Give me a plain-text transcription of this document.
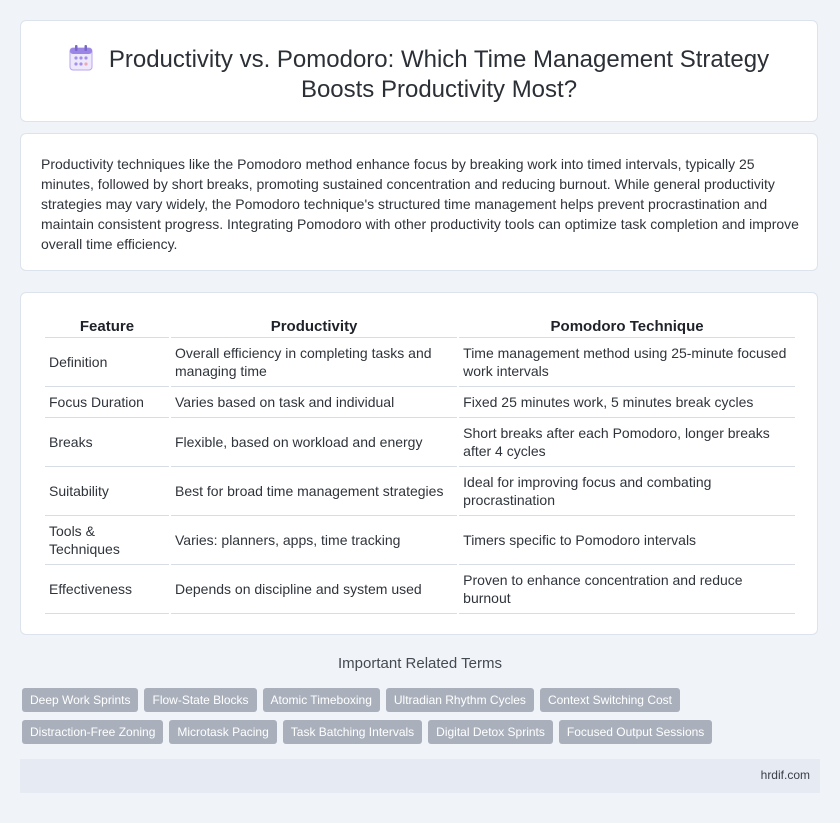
Productivity vs. Pomodoro: Which Time Management Strategy Boosts Productivity Most?

Productivity techniques like the Pomodoro method enhance focus by breaking work into timed intervals, typically 25 minutes, followed by short breaks, promoting sustained concentration and reducing burnout. While general productivity strategies may vary widely, the Pomodoro technique's structured time management helps prevent procrastination and maintain consistent progress. Integrating Pomodoro with other productivity tools can optimize task completion and improve overall time efficiency.

Feature	Productivity	Pomodoro Technique
Definition	Overall efficiency in completing tasks and managing time	Time management method using 25-minute focused work intervals
Focus Duration	Varies based on task and individual	Fixed 25 minutes work, 5 minutes break cycles
Breaks	Flexible, based on workload and energy	Short breaks after each Pomodoro, longer breaks after 4 cycles
Suitability	Best for broad time management strategies	Ideal for improving focus and combating procrastination
Tools & Techniques	Varies: planners, apps, time tracking	Timers specific to Pomodoro intervals
Effectiveness	Depends on discipline and system used	Proven to enhance concentration and reduce burnout
Important Related Terms
Deep Work Sprints	Flow-State Blocks	Atomic Timeboxing	Ultradian Rhythm Cycles	Context Switching Cost
Distraction-Free Zoning	Microtask Pacing	Task Batching Intervals	Digital Detox Sprints	Focused Output Sessions
hrdif.com
